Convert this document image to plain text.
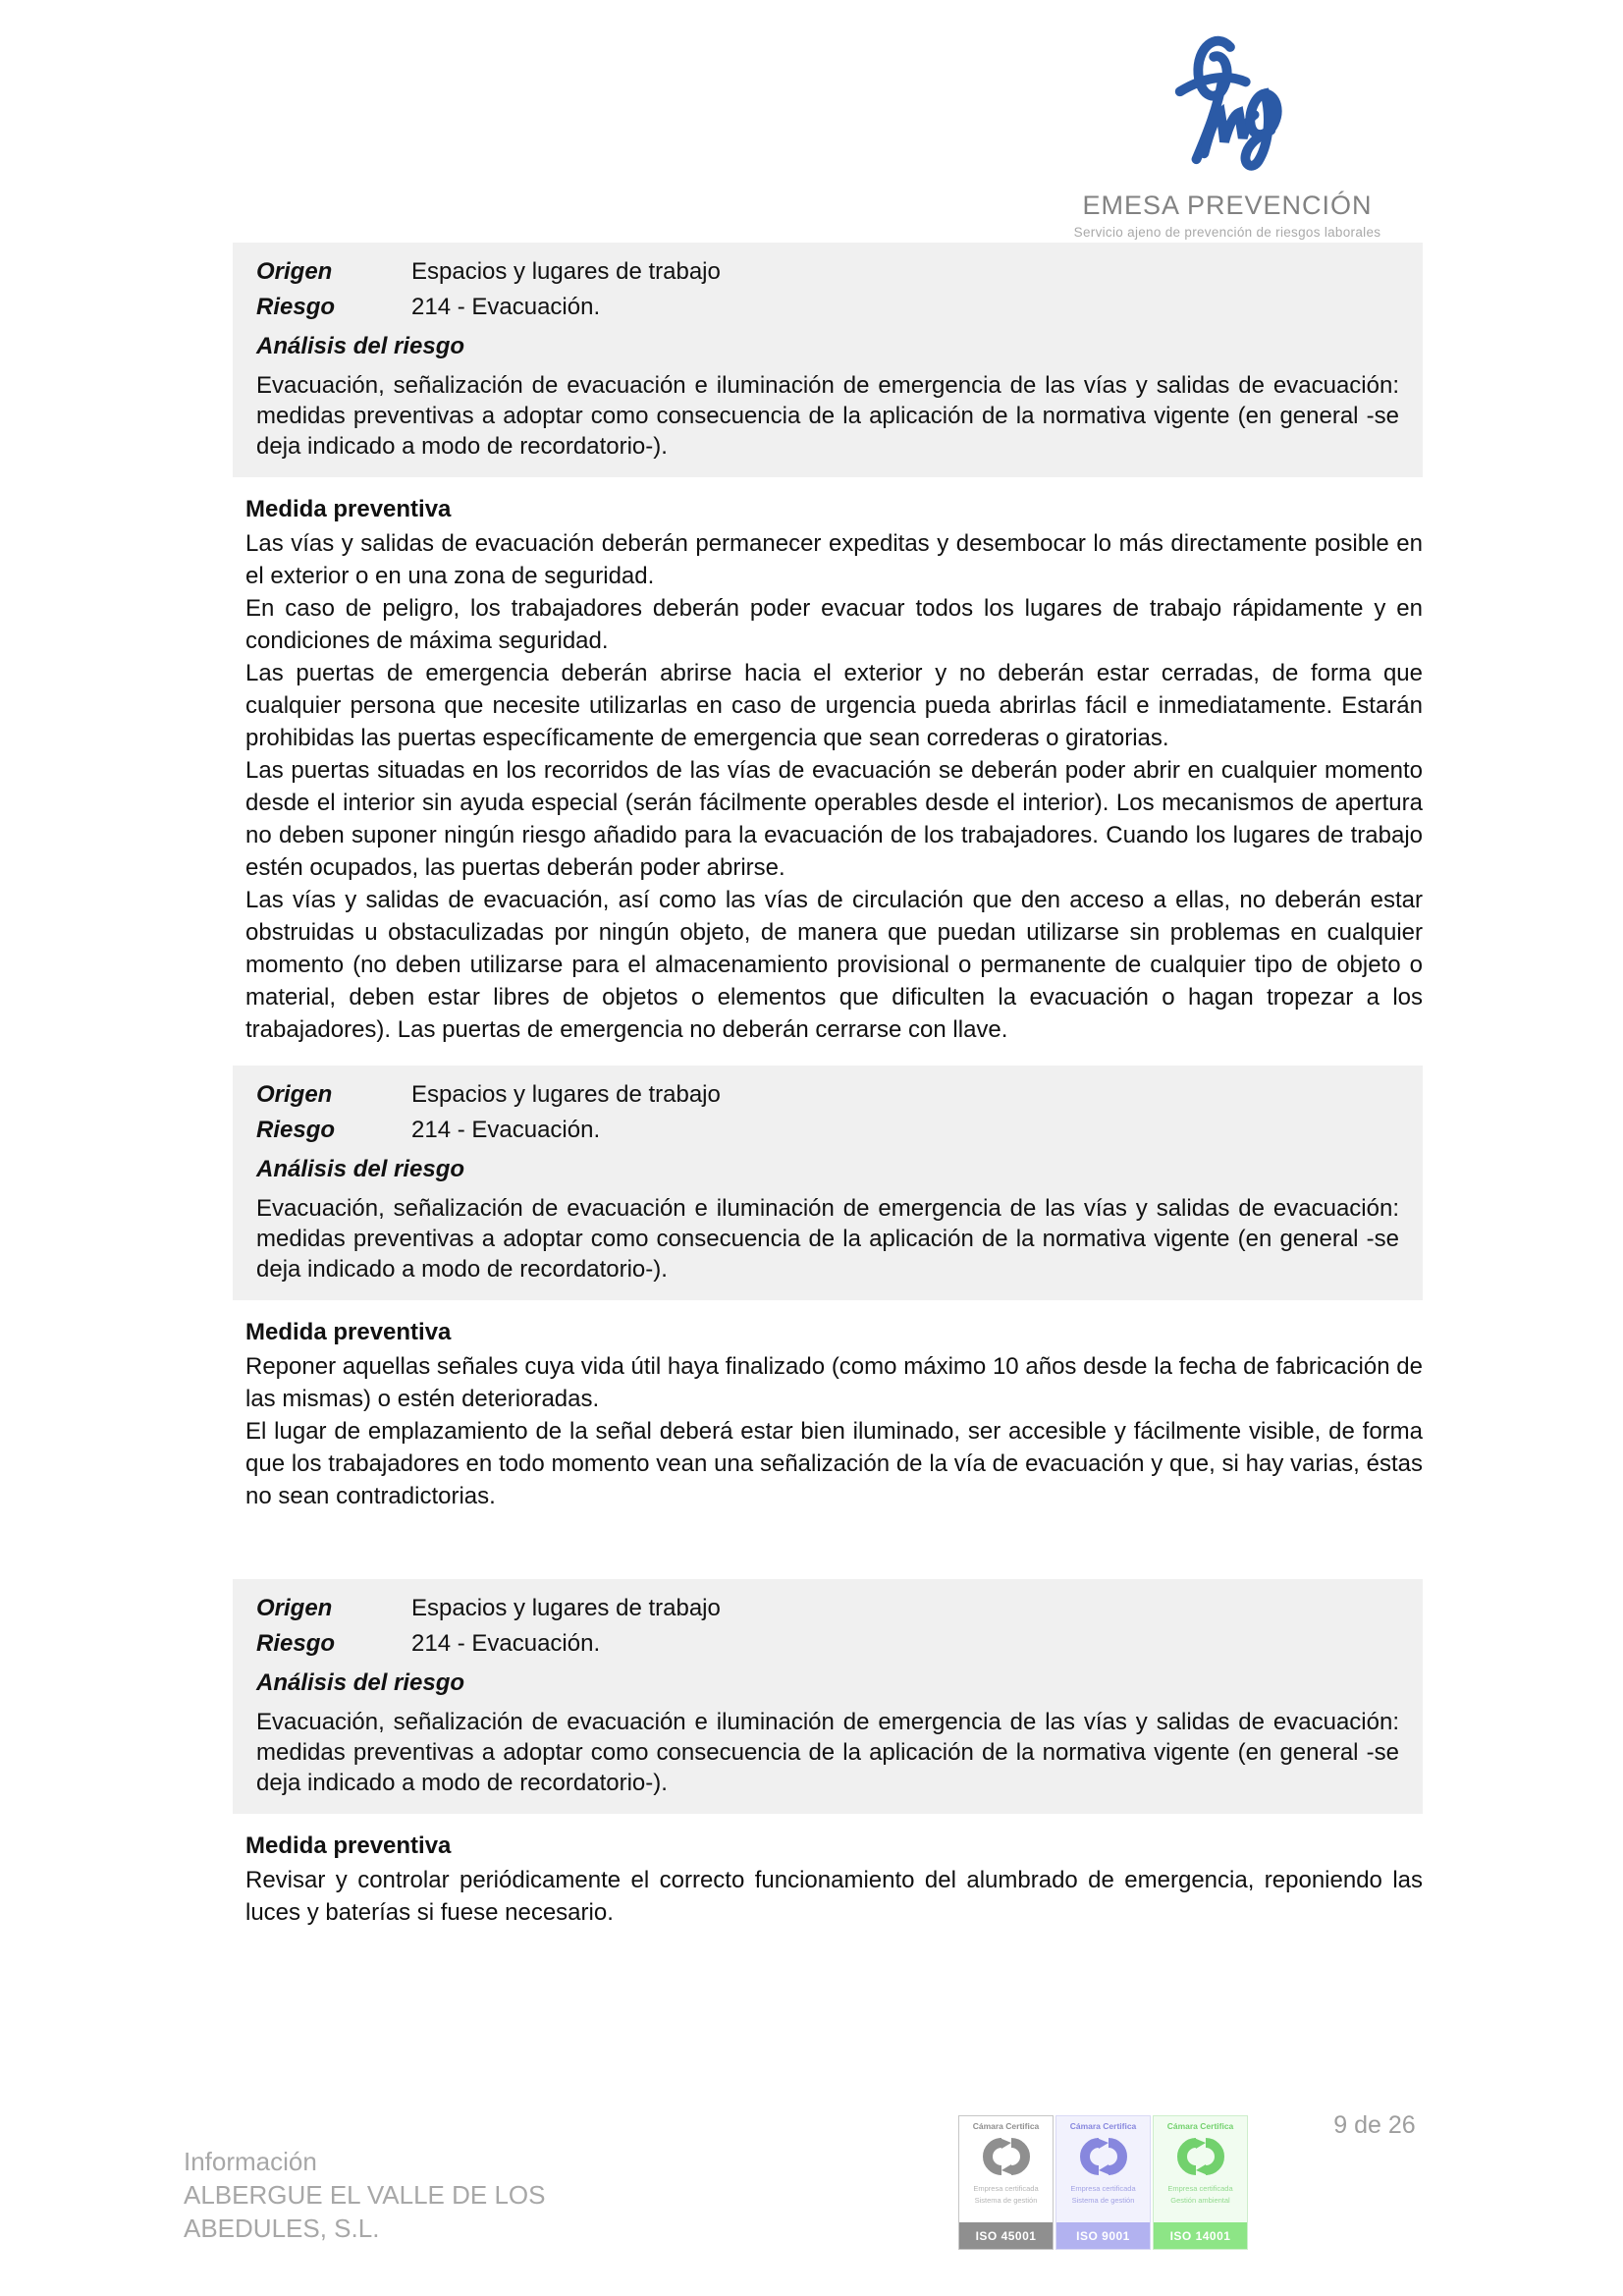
EMESA PREVENCIÓN
Servicio ajeno de prevención de riesgos laborales
Origen	Espacios y lugares de trabajo
Riesgo	214 - Evacuación.
Análisis del riesgo
Evacuación, señalización de evacuación e iluminación de emergencia de las vías y salidas de evacuación: medidas preventivas a adoptar como consecuencia de la aplicación de la normativa vigente (en general -se deja indicado a modo de recordatorio-).
Medida preventiva

Las vías y salidas de evacuación deberán permanecer expeditas y desembocar lo más directamente posible en el exterior o en una zona de seguridad.

En caso de peligro, los trabajadores deberán poder evacuar todos los lugares de trabajo rápidamente y en condiciones de máxima seguridad.

Las puertas de emergencia deberán abrirse hacia el exterior y no deberán estar cerradas, de forma que cualquier persona que necesite utilizarlas en caso de urgencia pueda abrirlas fácil e inmediatamente. Estarán prohibidas las puertas específicamente de emergencia que sean correderas o giratorias.

Las puertas situadas en los recorridos de las vías de evacuación se deberán poder abrir en cualquier momento desde el interior sin ayuda especial (serán fácilmente operables desde el interior). Los mecanismos de apertura no deben suponer ningún riesgo añadido para la evacuación de los trabajadores. Cuando los lugares de trabajo estén ocupados, las puertas deberán poder abrirse.

Las vías y salidas de evacuación, así como las vías de circulación que den acceso a ellas, no deberán estar obstruidas u obstaculizadas por ningún objeto, de manera que puedan utilizarse sin problemas en cualquier momento (no deben utilizarse para el almacenamiento provisional o permanente de cualquier tipo de objeto o material, deben estar libres de objetos o elementos que dificulten la evacuación o hagan tropezar a los trabajadores). Las puertas de emergencia no deberán cerrarse con llave.

Origen	Espacios y lugares de trabajo
Riesgo	214 - Evacuación.
Análisis del riesgo
Evacuación, señalización de evacuación e iluminación de emergencia de las vías y salidas de evacuación: medidas preventivas a adoptar como consecuencia de la aplicación de la normativa vigente (en general -se deja indicado a modo de recordatorio-).
Medida preventiva

Reponer aquellas señales cuya vida útil haya finalizado (como máximo 10 años desde la fecha de fabricación de las mismas) o estén deterioradas.

El lugar de emplazamiento de la señal deberá estar bien iluminado, ser accesible y fácilmente visible, de forma que los trabajadores en todo momento vean una señalización de la vía de evacuación y que, si hay varias, éstas no sean contradictorias.

Origen	Espacios y lugares de trabajo
Riesgo	214 - Evacuación.
Análisis del riesgo
Evacuación, señalización de evacuación e iluminación de emergencia de las vías y salidas de evacuación: medidas preventivas a adoptar como consecuencia de la aplicación de la normativa vigente (en general -se deja indicado a modo de recordatorio-).
Medida preventiva

Revisar y controlar periódicamente el correcto funcionamiento del alumbrado de emergencia, reponiendo las luces y baterías si fuese necesario.

Información
ALBERGUE EL VALLE DE LOS
ABEDULES, S.L.
Cámara Certifica
Empresa certificada
Sistema de gestión
ISO 45001
Cámara Certifica
Empresa certificada
Sistema de gestión
ISO 9001
Cámara Certifica
Empresa certificada
Gestión ambiental
ISO 14001
9 de 26
